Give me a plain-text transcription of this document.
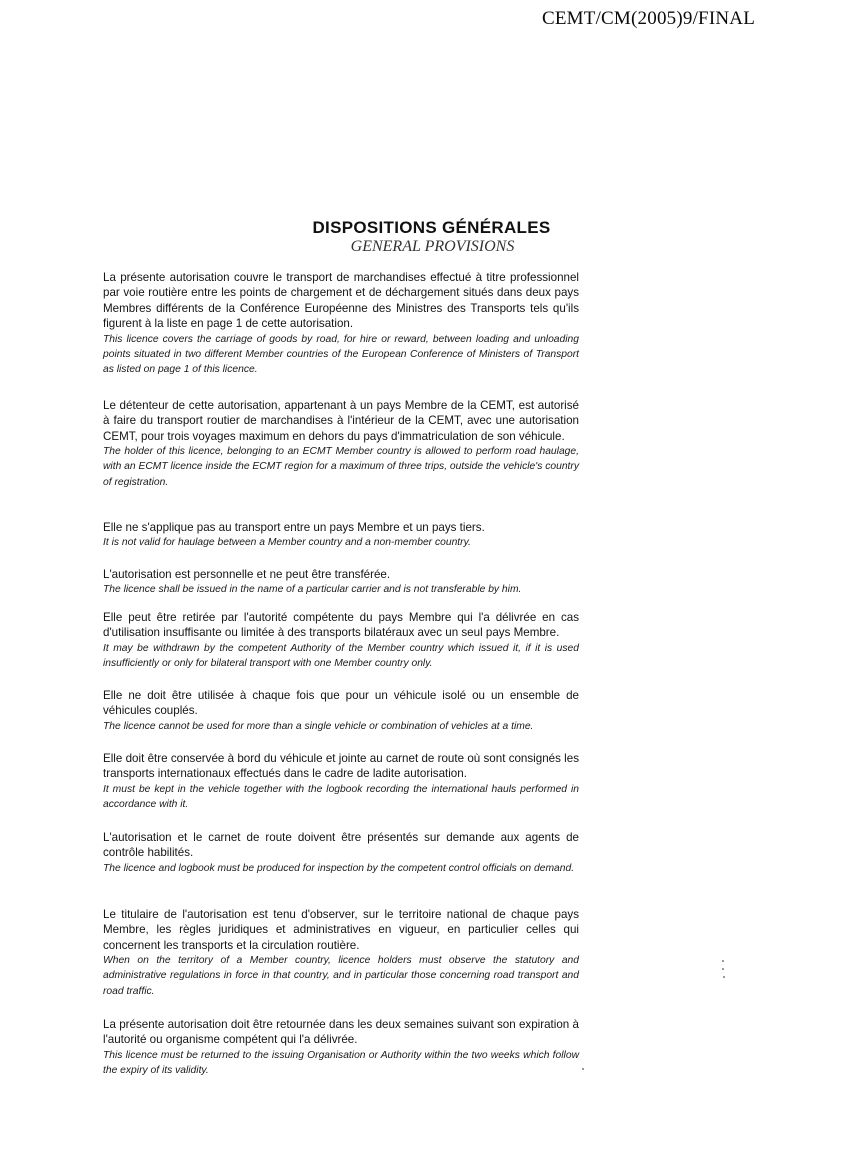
CEMT/CM(2005)9/FINAL
DISPOSITIONS GÉNÉRALES
GENERAL PROVISIONS

La présente autorisation couvre le transport de marchandises effectué à titre professionnel par voie routière entre les points de chargement et de déchargement situés dans deux pays Membres différents de la Conférence Européenne des Ministres des Transports tels qu'ils figurent à la liste en page 1 de cette autorisation.

This licence covers the carriage of goods by road, for hire or reward, between loading and unloading points situated in two different Member countries of the European Conference of Ministers of Transport as listed on page 1 of this licence.

Le détenteur de cette autorisation, appartenant à un pays Membre de la CEMT, est autorisé à faire du transport routier de marchandises à l'intérieur de la CEMT, avec une autorisation CEMT, pour trois voyages maximum en dehors du pays d'immatriculation de son véhicule.

The holder of this licence, belonging to an ECMT Member country is allowed to perform road haulage, with an ECMT licence inside the ECMT region for a maximum of three trips, outside the vehicle's country of registration.

Elle ne s'applique pas au transport entre un pays Membre et un pays tiers.

It is not valid for haulage between a Member country and a non-member country.

L'autorisation est personnelle et ne peut être transférée.

The licence shall be issued in the name of a particular carrier and is not transferable by him.

Elle peut être retirée par l'autorité compétente du pays Membre qui l'a délivrée en cas d'utilisation insuffisante ou limitée à des transports bilatéraux avec un seul pays Membre.

It may be withdrawn by the competent Authority of the Member country which issued it, if it is used insufficiently or only for bilateral transport with one Member country only.

Elle ne doit être utilisée à chaque fois que pour un véhicule isolé ou un ensemble de véhicules couplés.

The licence cannot be used for more than a single vehicle or combination of vehicles at a time.

Elle doit être conservée à bord du véhicule et jointe au carnet de route où sont consignés les transports internationaux effectués dans le cadre de ladite autorisation.

It must be kept in the vehicle together with the logbook recording the international hauls performed in accordance with it.

L'autorisation et le carnet de route doivent être présentés sur demande aux agents de contrôle habilités.

The licence and logbook must be produced for inspection by the competent control officials on demand.

Le titulaire de l'autorisation est tenu d'observer, sur le territoire national de chaque pays Membre, les règles juridiques et administratives en vigueur, en particulier celles qui concernent les transports et la circulation routière.

When on the territory of a Member country, licence holders must observe the statutory and administrative regulations in force in that country, and in particular those concerning road transport and road traffic.

La présente autorisation doit être retournée dans les deux semaines suivant son expiration à l'autorité ou organisme compétent qui l'a délivrée.

This licence must be returned to the issuing Organisation or Authority within the two weeks which follow the expiry of its validity.
